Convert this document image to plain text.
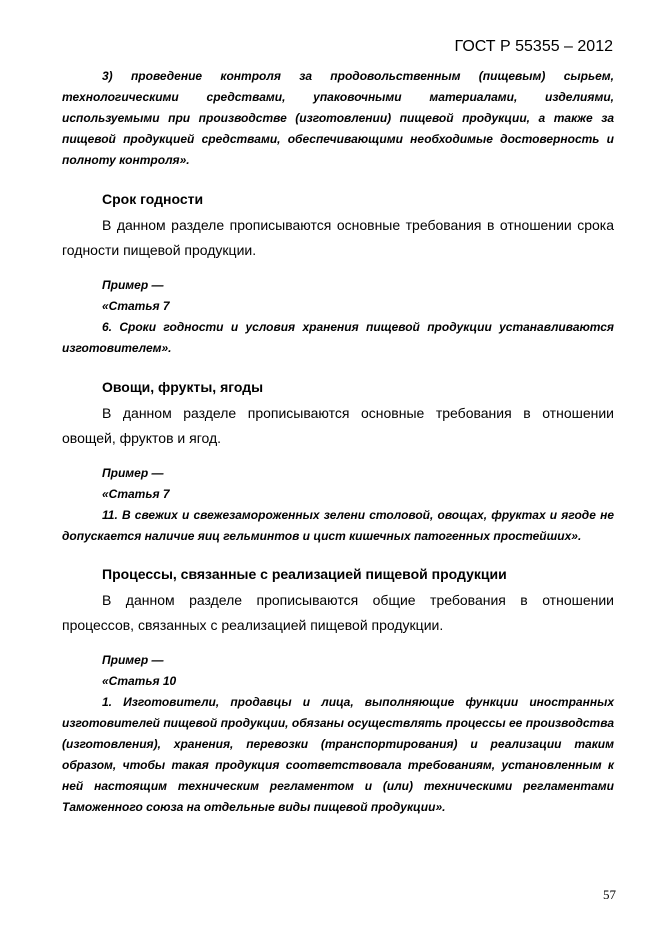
ГОСТ Р 55355 – 2012

3) проведение контроля за продовольственным (пищевым) сырьем, технологическими средствами, упаковочными материалами, изделиями, используемыми при производстве (изготовлении) пищевой продукции, а также за пищевой продукцией средствами, обеспечивающими необходимые достоверность и полноту контроля».

Срок годности

В данном разделе прописываются основные требования в отношении срока годности пищевой продукции.

Пример —
«Статья 7

6. Сроки годности и условия хранения пищевой продукции устанавливаются изготовителем».

Овощи, фрукты, ягоды

В данном разделе прописываются основные требования в отношении овощей, фруктов и ягод.

Пример —
«Статья 7

11. В свежих и свежезамороженных зелени столовой, овощах, фруктах и ягоде не допускается наличие яиц гельминтов и цист кишечных патогенных простейших».

Процессы, связанные с реализацией пищевой продукции

В данном разделе прописываются общие требования в отношении процессов, связанных с реализацией пищевой продукции.

Пример —
«Статья 10

1. Изготовители, продавцы и лица, выполняющие функции иностранных изготовителей пищевой продукции, обязаны осуществлять процессы ее производства (изготовления), хранения, перевозки (транспортирования) и реализации таким образом, чтобы такая продукция соответствовала требованиям, установленным к ней настоящим техническим регламентом и (или) техническими регламентами Таможенного союза на отдельные виды пищевой продукции».

57
